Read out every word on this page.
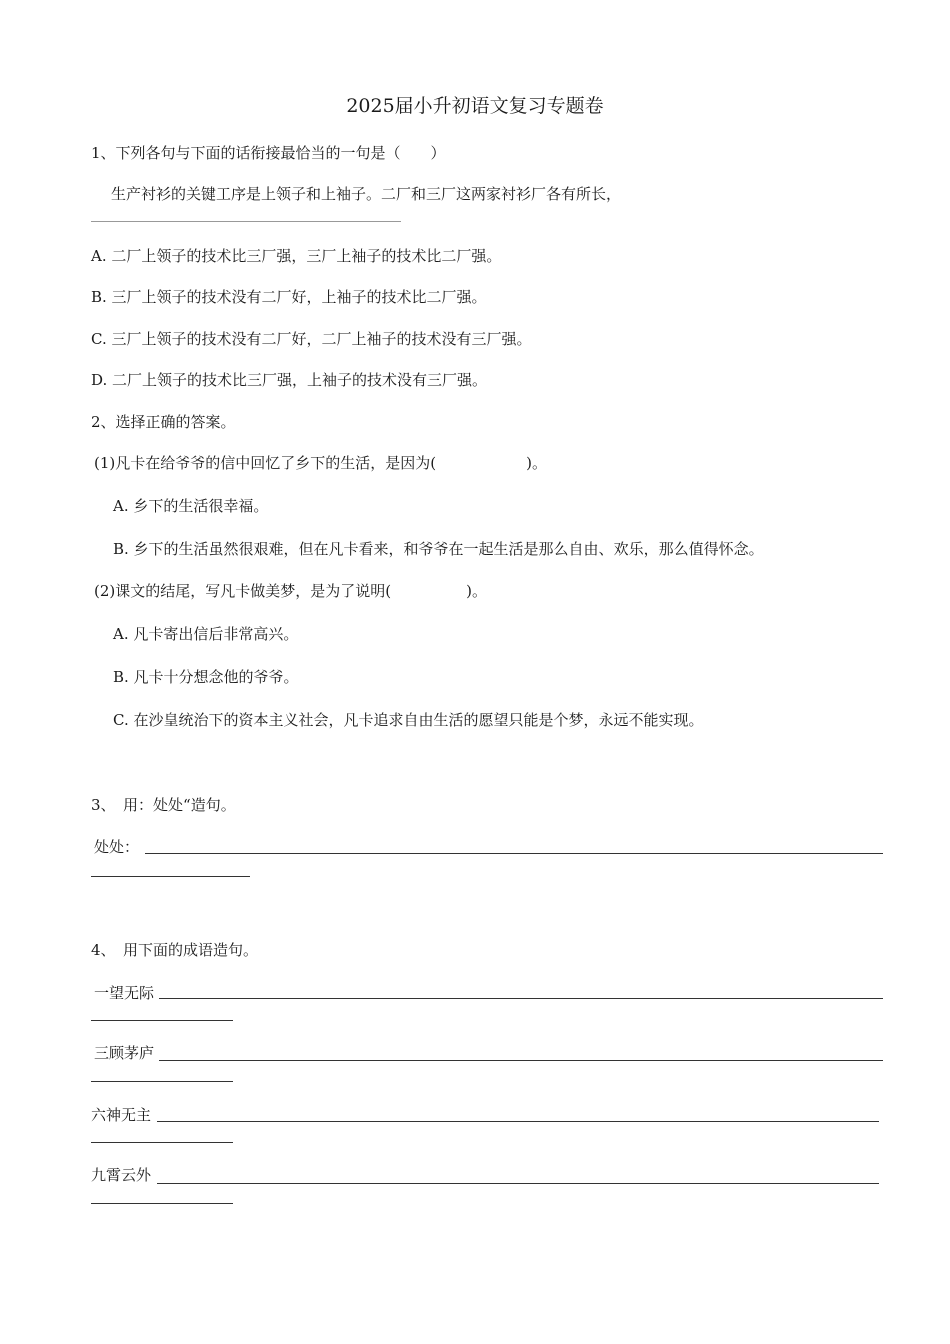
2025届小升初语文复习专题卷
1、下列各句与下面的话衔接最恰当的一句是（　　）
生产衬衫的关键工序是上领子和上袖子。二厂和三厂这两家衬衫厂各有所长，
A. 二厂上领子的技术比三厂强，三厂上袖子的技术比二厂强。
B. 三厂上领子的技术没有二厂好，上袖子的技术比二厂强。
C. 三厂上领子的技术没有二厂好，二厂上袖子的技术没有三厂强。
D. 二厂上领子的技术比三厂强，上袖子的技术没有三厂强。
2、选择正确的答案。
(1)凡卡在给爷爷的信中回忆了乡下的生活，是因为(　　　　　　)。
A. 乡下的生活很幸福。
B. 乡下的生活虽然很艰难，但在凡卡看来，和爷爷在一起生活是那么自由、欢乐，那么值得怀念。
(2)课文的结尾，写凡卡做美梦，是为了说明(　　　　　)。
A. 凡卡寄出信后非常高兴。
B. 凡卡十分想念他的爷爷。
C. 在沙皇统治下的资本主义社会，凡卡追求自由生活的愿望只能是个梦，永远不能实现。
3、　用：处处“造句。
处处：
4、　用下面的成语造句。
一望无际
三顾茅庐
六神无主
九霄云外
